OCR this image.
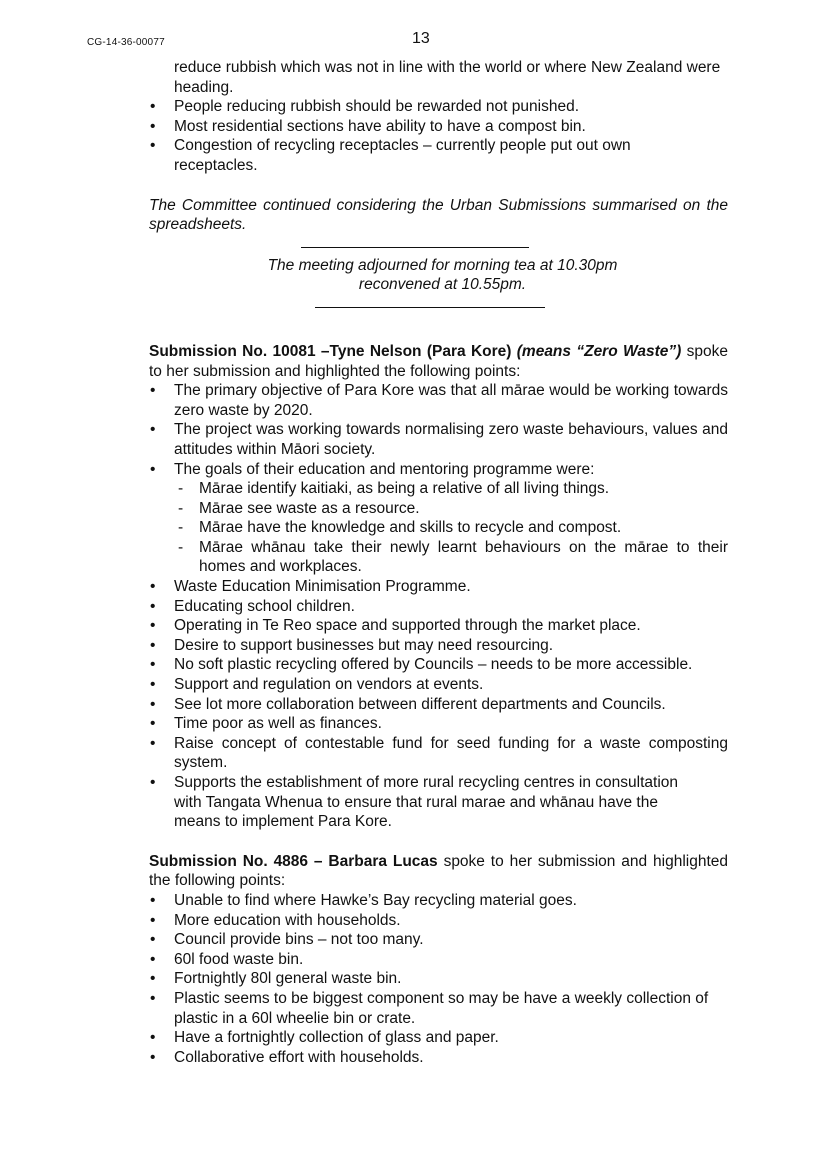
CG-14-36-00077	13

reduce rubbish which was not in line with the world or where New Zealand were heading.

• People reducing rubbish should be rewarded not punished.
• Most residential sections have ability to have a compost bin.
• Congestion of recycling receptacles – currently people put out own receptacles.

The Committee continued considering the Urban Submissions summarised on the spreadsheets.

The meeting adjourned for morning tea at 10.30pm

reconvened at 10.55pm.

Submission No. 10081 –Tyne Nelson (Para Kore) (means “Zero Waste”) spoke to her submission and highlighted the following points:

• The primary objective of Para Kore was that all mārae would be working towards zero waste by 2020.
• The project was working towards normalising zero waste behaviours, values and attitudes within Māori society.
• The goals of their education and mentoring programme were:
- Mārae identify kaitiaki, as being a relative of all living things.
- Mārae see waste as a resource.
- Mārae have the knowledge and skills to recycle and compost.
- Mārae whānau take their newly learnt behaviours on the mārae to their homes and workplaces.
• Waste Education Minimisation Programme.
• Educating school children.
• Operating in Te Reo space and supported through the market place.
• Desire to support businesses but may need resourcing.
• No soft plastic recycling offered by Councils – needs to be more accessible.
• Support and regulation on vendors at events.
• See lot more collaboration between different departments and Councils.
• Time poor as well as finances.
• Raise concept of contestable fund for seed funding for a waste composting system.
• Supports the establishment of more rural recycling centres in consultation with Tangata Whenua to ensure that rural marae and whānau have the means to implement Para Kore.

Submission No. 4886 – Barbara Lucas spoke to her submission and highlighted the following points:

• Unable to find where Hawke’s Bay recycling material goes.
• More education with households.
• Council provide bins – not too many.
• 60l food waste bin.
• Fortnightly 80l general waste bin.
• Plastic seems to be biggest component so may be have a weekly collection of plastic in a 60l wheelie bin or crate.
• Have a fortnightly collection of glass and paper.
• Collaborative effort with households.
